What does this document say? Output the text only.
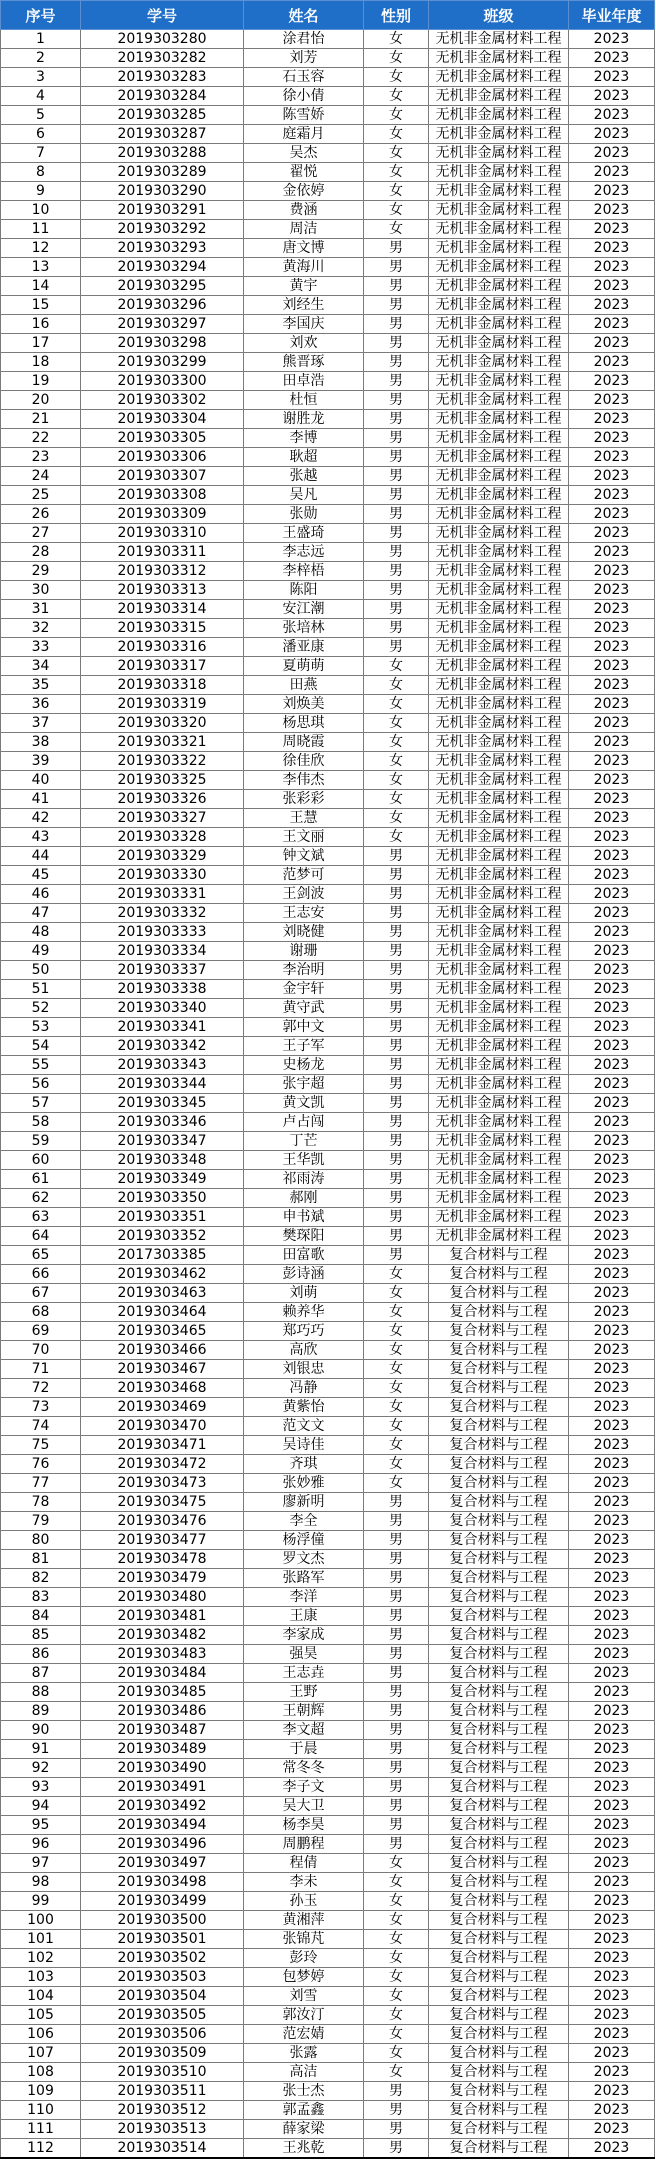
序号	学号	姓名	性别	班级	毕业年度
1	2019303280	涂君怡	女	无机非金属材料工程	2023
2	2019303282	刘芳	女	无机非金属材料工程	2023
3	2019303283	石玉容	女	无机非金属材料工程	2023
4	2019303284	徐小倩	女	无机非金属材料工程	2023
5	2019303285	陈雪娇	女	无机非金属材料工程	2023
6	2019303287	庭霜月	女	无机非金属材料工程	2023
7	2019303288	吴杰	女	无机非金属材料工程	2023
8	2019303289	翟悦	女	无机非金属材料工程	2023
9	2019303290	金依婷	女	无机非金属材料工程	2023
10	2019303291	费涵	女	无机非金属材料工程	2023
11	2019303292	周洁	女	无机非金属材料工程	2023
12	2019303293	唐文博	男	无机非金属材料工程	2023
13	2019303294	黄海川	男	无机非金属材料工程	2023
14	2019303295	黄宇	男	无机非金属材料工程	2023
15	2019303296	刘经生	男	无机非金属材料工程	2023
16	2019303297	李国庆	男	无机非金属材料工程	2023
17	2019303298	刘欢	男	无机非金属材料工程	2023
18	2019303299	熊晋琢	男	无机非金属材料工程	2023
19	2019303300	田卓浩	男	无机非金属材料工程	2023
20	2019303302	杜恒	男	无机非金属材料工程	2023
21	2019303304	谢胜龙	男	无机非金属材料工程	2023
22	2019303305	李博	男	无机非金属材料工程	2023
23	2019303306	耿超	男	无机非金属材料工程	2023
24	2019303307	张越	男	无机非金属材料工程	2023
25	2019303308	吴凡	男	无机非金属材料工程	2023
26	2019303309	张勋	男	无机非金属材料工程	2023
27	2019303310	王盛琦	男	无机非金属材料工程	2023
28	2019303311	李志远	男	无机非金属材料工程	2023
29	2019303312	李梓梧	男	无机非金属材料工程	2023
30	2019303313	陈阳	男	无机非金属材料工程	2023
31	2019303314	安江潮	男	无机非金属材料工程	2023
32	2019303315	张培林	男	无机非金属材料工程	2023
33	2019303316	潘亚康	男	无机非金属材料工程	2023
34	2019303317	夏萌萌	女	无机非金属材料工程	2023
35	2019303318	田燕	女	无机非金属材料工程	2023
36	2019303319	刘焕美	女	无机非金属材料工程	2023
37	2019303320	杨思琪	女	无机非金属材料工程	2023
38	2019303321	周晓霞	女	无机非金属材料工程	2023
39	2019303322	徐佳欣	女	无机非金属材料工程	2023
40	2019303325	李伟杰	女	无机非金属材料工程	2023
41	2019303326	张彩彩	女	无机非金属材料工程	2023
42	2019303327	王慧	女	无机非金属材料工程	2023
43	2019303328	王文丽	女	无机非金属材料工程	2023
44	2019303329	钟文斌	男	无机非金属材料工程	2023
45	2019303330	范梦可	男	无机非金属材料工程	2023
46	2019303331	王剑波	男	无机非金属材料工程	2023
47	2019303332	王志安	男	无机非金属材料工程	2023
48	2019303333	刘晓健	男	无机非金属材料工程	2023
49	2019303334	谢珊	男	无机非金属材料工程	2023
50	2019303337	李治明	男	无机非金属材料工程	2023
51	2019303338	金宇轩	男	无机非金属材料工程	2023
52	2019303340	黄守武	男	无机非金属材料工程	2023
53	2019303341	郭中文	男	无机非金属材料工程	2023
54	2019303342	王子军	男	无机非金属材料工程	2023
55	2019303343	史杨龙	男	无机非金属材料工程	2023
56	2019303344	张宇超	男	无机非金属材料工程	2023
57	2019303345	黄文凯	男	无机非金属材料工程	2023
58	2019303346	卢占闯	男	无机非金属材料工程	2023
59	2019303347	丁芒	男	无机非金属材料工程	2023
60	2019303348	王华凯	男	无机非金属材料工程	2023
61	2019303349	祁雨涛	男	无机非金属材料工程	2023
62	2019303350	郝刚	男	无机非金属材料工程	2023
63	2019303351	申书斌	男	无机非金属材料工程	2023
64	2019303352	樊琛阳	男	无机非金属材料工程	2023
65	2017303385	田富歌	男	复合材料与工程	2023
66	2019303462	彭诗涵	女	复合材料与工程	2023
67	2019303463	刘萌	女	复合材料与工程	2023
68	2019303464	赖养华	女	复合材料与工程	2023
69	2019303465	郑巧巧	女	复合材料与工程	2023
70	2019303466	高欣	女	复合材料与工程	2023
71	2019303467	刘银忠	女	复合材料与工程	2023
72	2019303468	冯静	女	复合材料与工程	2023
73	2019303469	黄紫怡	女	复合材料与工程	2023
74	2019303470	范文文	女	复合材料与工程	2023
75	2019303471	吴诗佳	女	复合材料与工程	2023
76	2019303472	齐琪	女	复合材料与工程	2023
77	2019303473	张妙雅	女	复合材料与工程	2023
78	2019303475	廖新明	男	复合材料与工程	2023
79	2019303476	李全	男	复合材料与工程	2023
80	2019303477	杨浮僮	男	复合材料与工程	2023
81	2019303478	罗文杰	男	复合材料与工程	2023
82	2019303479	张路军	男	复合材料与工程	2023
83	2019303480	李洋	男	复合材料与工程	2023
84	2019303481	王康	男	复合材料与工程	2023
85	2019303482	李家成	男	复合材料与工程	2023
86	2019303483	强昊	男	复合材料与工程	2023
87	2019303484	王志垚	男	复合材料与工程	2023
88	2019303485	王野	男	复合材料与工程	2023
89	2019303486	王朝辉	男	复合材料与工程	2023
90	2019303487	李文超	男	复合材料与工程	2023
91	2019303489	于晨	男	复合材料与工程	2023
92	2019303490	常冬冬	男	复合材料与工程	2023
93	2019303491	李子文	男	复合材料与工程	2023
94	2019303492	吴大卫	男	复合材料与工程	2023
95	2019303494	杨李昊	男	复合材料与工程	2023
96	2019303496	周鹏程	男	复合材料与工程	2023
97	2019303497	程倩	女	复合材料与工程	2023
98	2019303498	李未	女	复合材料与工程	2023
99	2019303499	孙玉	女	复合材料与工程	2023
100	2019303500	黄湘萍	女	复合材料与工程	2023
101	2019303501	张锦芃	女	复合材料与工程	2023
102	2019303502	彭玲	女	复合材料与工程	2023
103	2019303503	包梦婷	女	复合材料与工程	2023
104	2019303504	刘雪	女	复合材料与工程	2023
105	2019303505	郭汝汀	女	复合材料与工程	2023
106	2019303506	范宏婧	女	复合材料与工程	2023
107	2019303509	张露	女	复合材料与工程	2023
108	2019303510	高洁	女	复合材料与工程	2023
109	2019303511	张士杰	男	复合材料与工程	2023
110	2019303512	郭孟鑫	男	复合材料与工程	2023
111	2019303513	薛家梁	男	复合材料与工程	2023
112	2019303514	王兆乾	男	复合材料与工程	2023
